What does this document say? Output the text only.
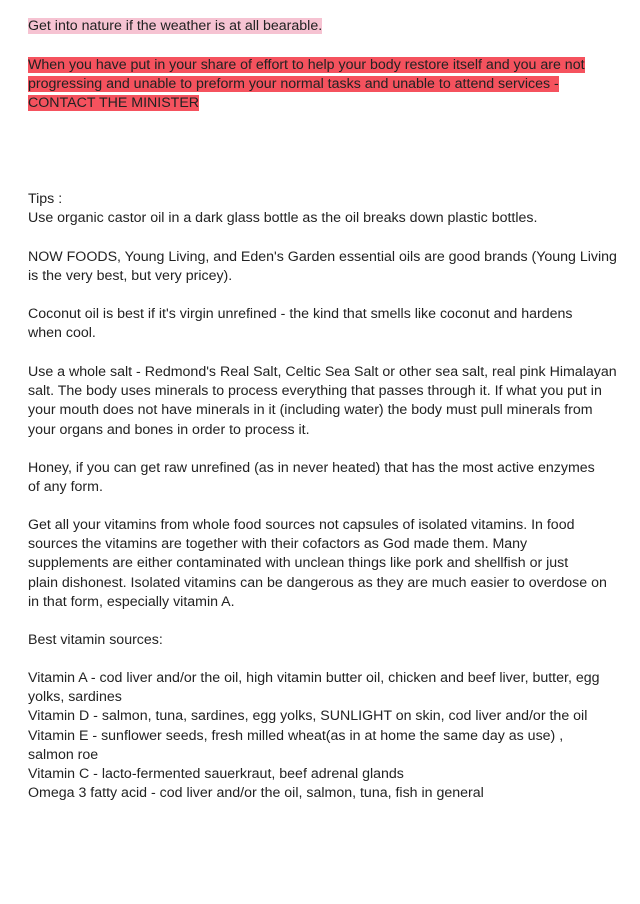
Get into nature if the weather is at all bearable.

When you have put in your share of effort to help your body restore itself and you are not

progressing and unable to preform your normal tasks and unable to attend services -

CONTACT THE MINISTER

Tips :

Use organic castor oil in a dark glass bottle as the oil breaks down plastic bottles.

NOW FOODS, Young Living, and Eden's Garden essential oils are good brands (Young Living

is the very best, but very pricey).

Coconut oil is best if it's virgin unrefined - the kind that smells like coconut and hardens

when cool.

Use a whole salt - Redmond's Real Salt, Celtic Sea Salt or other sea salt, real pink Himalayan

salt. The body uses minerals to process everything that passes through it. If what you put in

your mouth does not have minerals in it (including water) the body must pull minerals from

your organs and bones in order to process it.

Honey, if you can get raw unrefined (as in never heated) that has the most active enzymes

of any form.

Get all your vitamins from whole food sources not capsules of isolated vitamins. In food

sources the vitamins are together with their cofactors as God made them. Many

supplements are either contaminated with unclean things like pork and shellfish or just

plain dishonest. Isolated vitamins can be dangerous as they are much easier to overdose on

in that form, especially vitamin A.

Best vitamin sources:

Vitamin A - cod liver and/or the oil, high vitamin butter oil, chicken and beef liver, butter, egg

yolks, sardines

Vitamin D - salmon, tuna, sardines, egg yolks, SUNLIGHT on skin, cod liver and/or the oil

Vitamin E - sunflower seeds, fresh milled wheat(as in at home the same day as use) ,

salmon roe

Vitamin C - lacto-fermented sauerkraut, beef adrenal glands

Omega 3 fatty acid - cod liver and/or the oil, salmon, tuna, fish in general
